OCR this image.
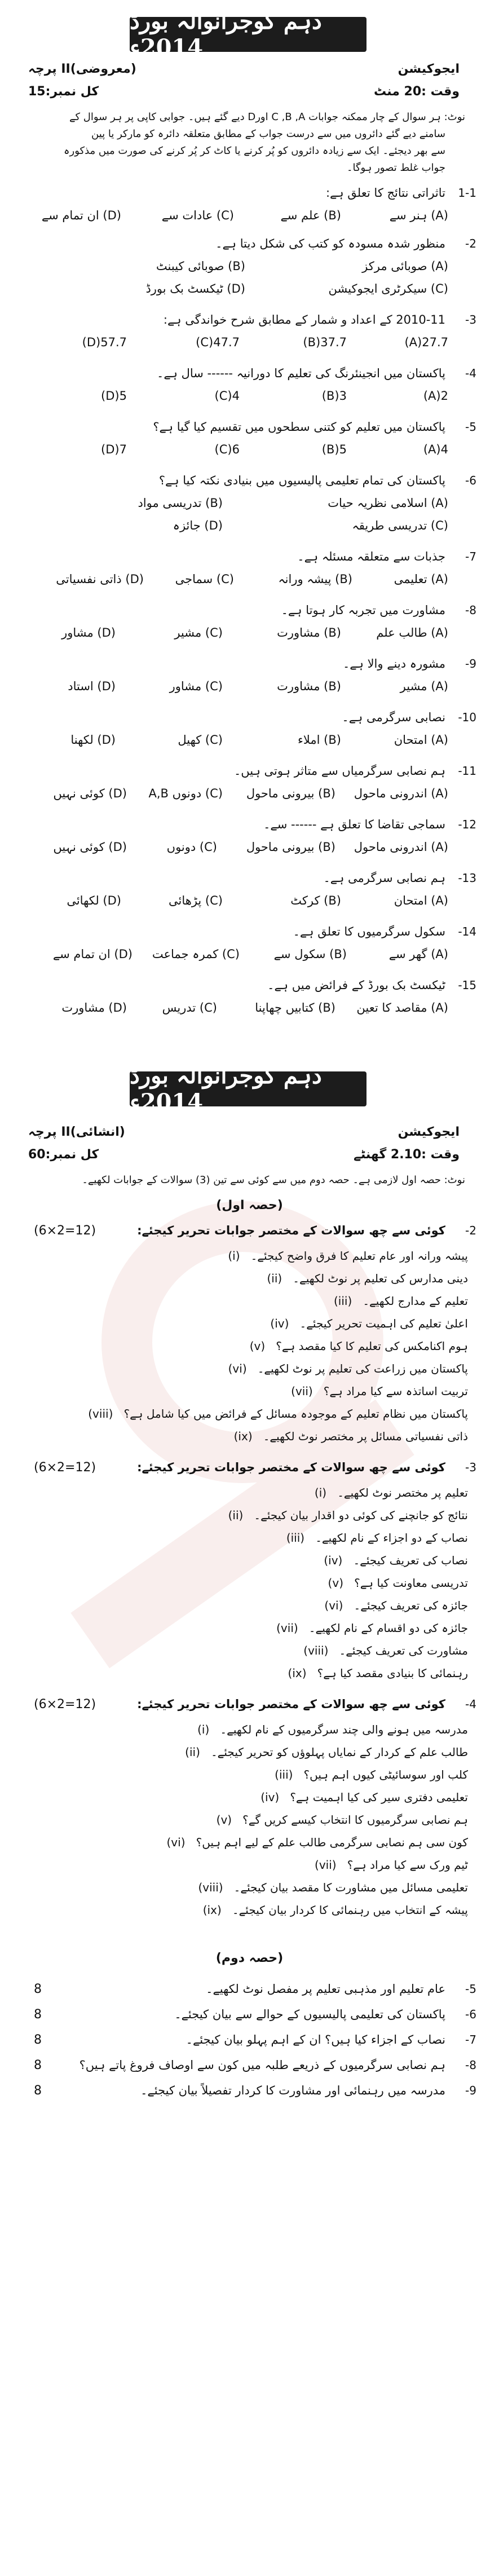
دہم گوجرانوالہ بورڈ 2014ء
ایجوکیشن
پرچہ II(معروضی)
وقت :20 منٹ
کل نمبر:15
نوٹ: ہر سوال کے چار ممکنہ جوابات C ,B ,A اورD دیے گئے ہیں۔ جوابی کاپی پر ہر سوال کے
سامنے دیے گئے دائروں میں سے درست جواب کے مطابق متعلقہ دائرہ کو مارکر یا پین
سے بھر دیجئے۔ ایک سے زیادہ دائروں کو پُر کرنے یا کاٹ کر پُر کرنے کی صورت میں مذکورہ
جواب غلط تصور ہوگا۔
1-1
تاثراتی نتائج کا تعلق ہے:
(A) ہنر سے
(B) علم سے
(C) عادات سے
(D) ان تمام سے
-2
منظور شدہ مسودہ کو کتب کی شکل دیتا ہے۔
(A) صوبائی مرکز
(B) صوبائی کیبنٹ
(C) سیکرٹری ایجوکیشن
(D) ٹیکسٹ بک بورڈ
-3
2010-11 کے اعداد و شمار کے مطابق شرح خواندگی ہے:
27.7(A)
37.7(B)
47.7(C)
57.7(D)
-4
پاکستان میں انجینئرنگ کی تعلیم کا دورانیہ ------ سال ہے۔
2(A)
3(B)
4(C)
5(D)
-5
پاکستان میں تعلیم کو کتنی سطحوں میں تقسیم کیا گیا ہے؟
4(A)
5(B)
6(C)
7(D)
-6
پاکستان کی تمام تعلیمی پالیسیوں میں بنیادی نکتہ کیا ہے؟
(A) اسلامی نظریہ حیات
(B) تدریسی مواد
(C) تدریسی طریقہ
(D) جائزہ
-7
جذبات سے متعلقہ مسئلہ ہے۔
(A) تعلیمی
(B) پیشہ ورانہ
(C) سماجی
(D) ذاتی نفسیاتی
-8
مشاورت میں تجربہ کار ہوتا ہے۔
(A) طالب علم
(B) مشاورت
(C) مشیر
(D) مشاور
-9
مشورہ دینے والا ہے۔
(A) مشیر
(B) مشاورت
(C) مشاور
(D) استاد
-10
نصابی سرگرمی ہے۔
(A) امتحان
(B) املاء
(C) کھیل
(D) لکھنا
-11
ہم نصابی سرگرمیاں سے متاثر ہوتی ہیں۔
(A) اندرونی ماحول
(B) بیرونی ماحول
(C) دونوں A,B
(D) کوئی نہیں
-12
سماجی تقاضا کا تعلق ہے ------ سے۔
(A) اندرونی ماحول
(B) بیرونی ماحول
(C) دونوں
(D) کوئی نہیں
-13
ہم نصابی سرگرمی ہے۔
(A) امتحان
(B) کرکٹ
(C) پڑھائی
(D) لکھائی
-14
سکول سرگرمیوں کا تعلق ہے۔
(A) گھر سے
(B) سکول سے
(C) کمرہ جماعت
(D) ان تمام سے
-15
ٹیکسٹ بک بورڈ کے فرائض میں ہے۔
(A) مقاصد کا تعین
(B) کتابیں چھاپنا
(C) تدریس
(D) مشاورت
دہم گوجرانوالہ بورڈ 2014ء
ایجوکیشن
پرچہ II(انشائی)
وقت :2.10 گھنٹے
کل نمبر:60
نوٹ: حصہ اول لازمی ہے۔ حصہ دوم میں سے کوئی سے تین (3) سوالات کے جوابات لکھیے۔
(حصہ اول)
-2
کوئی سے چھ سوالات کے مختصر جوابات تحریر کیجئے:
(6×2=12)
پیشہ ورانہ اور عام تعلیم کا فرق واضح کیجئے۔   (i)
دینی مدارس کی تعلیم پر نوٹ لکھیے۔   (ii)
تعلیم کے مدارج لکھیے۔   (iii)
اعلیٰ تعلیم کی اہمیت تحریر کیجئے۔   (iv)
ہوم اکنامکس کی تعلیم کا کیا مقصد ہے؟   (v)
پاکستان میں زراعت کی تعلیم پر نوٹ لکھیے۔   (vi)
تربیت اساتذہ سے کیا مراد ہے؟   (vii)
پاکستان میں نظام تعلیم کے موجودہ مسائل کے فرائض میں کیا شامل ہے؟   (viii)
ذاتی نفسیاتی مسائل پر مختصر نوٹ لکھیے۔   (ix)
-3
کوئی سے چھ سوالات کے مختصر جوابات تحریر کیجئے:
(6×2=12)
تعلیم پر مختصر نوٹ لکھیے۔   (i)
نتائج کو جانچنے کی کوئی دو اقدار بیان کیجئے۔   (ii)
نصاب کے دو اجزاء کے نام لکھیے۔   (iii)
نصاب کی تعریف کیجئے۔   (iv)
تدریسی معاونت کیا ہے؟   (v)
جائزہ کی تعریف کیجئے۔   (vi)
جائزہ کی دو اقسام کے نام لکھیے۔   (vii)
مشاورت کی تعریف کیجئے۔   (viii)
رہنمائی کا بنیادی مقصد کیا ہے؟   (ix)
-4
کوئی سے چھ سوالات کے مختصر جوابات تحریر کیجئے:
(6×2=12)
مدرسہ میں ہونے والی چند سرگرمیوں کے نام لکھیے۔   (i)
طالب علم کے کردار کے نمایاں پہلوؤں کو تحریر کیجئے۔   (ii)
کلب اور سوسائیٹی کیوں اہم ہیں؟   (iii)
تعلیمی دفتری سیر کی کیا اہمیت ہے؟   (iv)
ہم نصابی سرگرمیوں کا انتخاب کیسے کریں گے؟   (v)
کون سی ہم نصابی سرگرمی طالب علم کے لیے اہم ہیں؟   (vi)
ٹیم ورک سے کیا مراد ہے؟   (vii)
تعلیمی مسائل میں مشاورت کا مقصد بیان کیجئے۔   (viii)
پیشہ کے انتخاب میں رہنمائی کا کردار بیان کیجئے۔   (ix)
(حصہ دوم)
-5
عام تعلیم اور مذہبی تعلیم پر مفصل نوٹ لکھیے۔
8
-6
پاکستان کی تعلیمی پالیسیوں کے حوالے سے بیان کیجئے۔
8
-7
نصاب کے اجزاء کیا ہیں؟ ان کے اہم پہلو بیان کیجئے۔
8
-8
ہم نصابی سرگرمیوں کے ذریعے طلبہ میں کون سے اوصاف فروغ پاتے ہیں؟
8
-9
مدرسہ میں رہنمائی اور مشاورت کا کردار تفصیلاً بیان کیجئے۔
8
